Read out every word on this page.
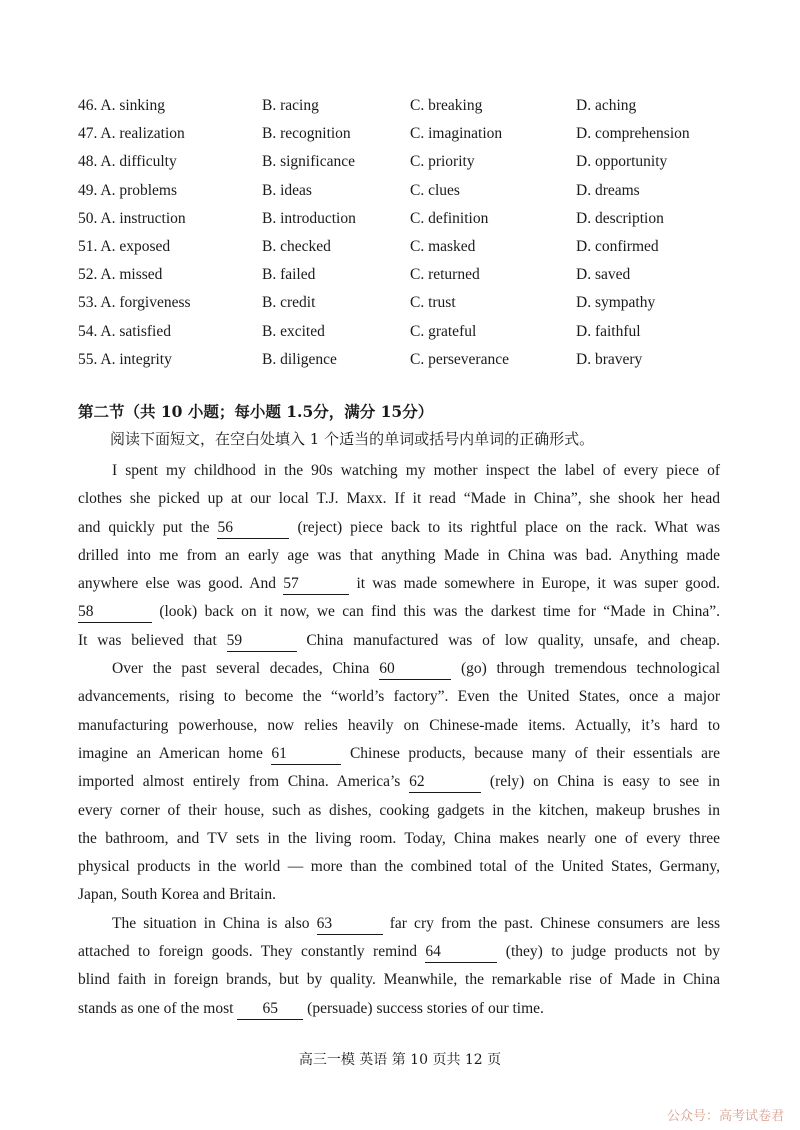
46. A. sinking	B. racing	C. breaking	D. aching
47. A. realization	B. recognition	C. imagination	D. comprehension
48. A. difficulty	B. significance	C. priority	D. opportunity
49. A. problems	B. ideas	C. clues	D. dreams
50. A. instruction	B. introduction	C. definition	D. description
51. A. exposed	B. checked	C. masked	D. confirmed
52. A. missed	B. failed	C. returned	D. saved
53. A. forgiveness	B. credit	C. trust	D. sympathy
54. A. satisfied	B. excited	C. grateful	D. faithful
55. A. integrity	B. diligence	C. perseverance	D. bravery
第二节（共 10 小题；每小题 1.5分，满分 15分）
阅读下面短文，在空白处填入 1 个适当的单词或括号内单词的正确形式。
I spent my childhood in the 90s watching my mother inspect the label of every piece of
clothes she picked up at our local T.J. Maxx. If it read “Made in China”, she shook her head
and quickly put the 56	(reject) piece back to its rightful place on the rack. What was
drilled into me from an early age was that anything Made in China was bad. Anything made
anywhere else was good. And 57	it was made somewhere in Europe, it was super good.
58	(look) back on it now, we can find this was the darkest time for “Made in China”.
It was believed that 59	China manufactured was of low quality, unsafe, and cheap.
Over the past several decades, China 60	(go) through tremendous technological
advancements, rising to become the “world’s factory”. Even the United States, once a major
manufacturing powerhouse, now relies heavily on Chinese-made items. Actually, it’s hard to
imagine an American home 61	Chinese products, because many of their essentials are
imported almost entirely from China. America’s 62	(rely) on China is easy to see in
every corner of their house, such as dishes, cooking gadgets in the kitchen, makeup brushes in
the bathroom, and TV sets in the living room. Today, China makes nearly one of every three
physical products in the world — more than the combined total of the United States, Germany,
Japan, South Korea and Britain.
The situation in China is also 63	far cry from the past. Chinese consumers are less
attached to foreign goods. They constantly remind 64	(they) to judge products not by
blind faith in foreign brands, but by quality. Meanwhile, the remarkable rise of Made in China
stands as one of the most 65 (persuade) success stories of our time.
高三一模 英语 第 10 页共 12 页
公众号：高考试卷君
